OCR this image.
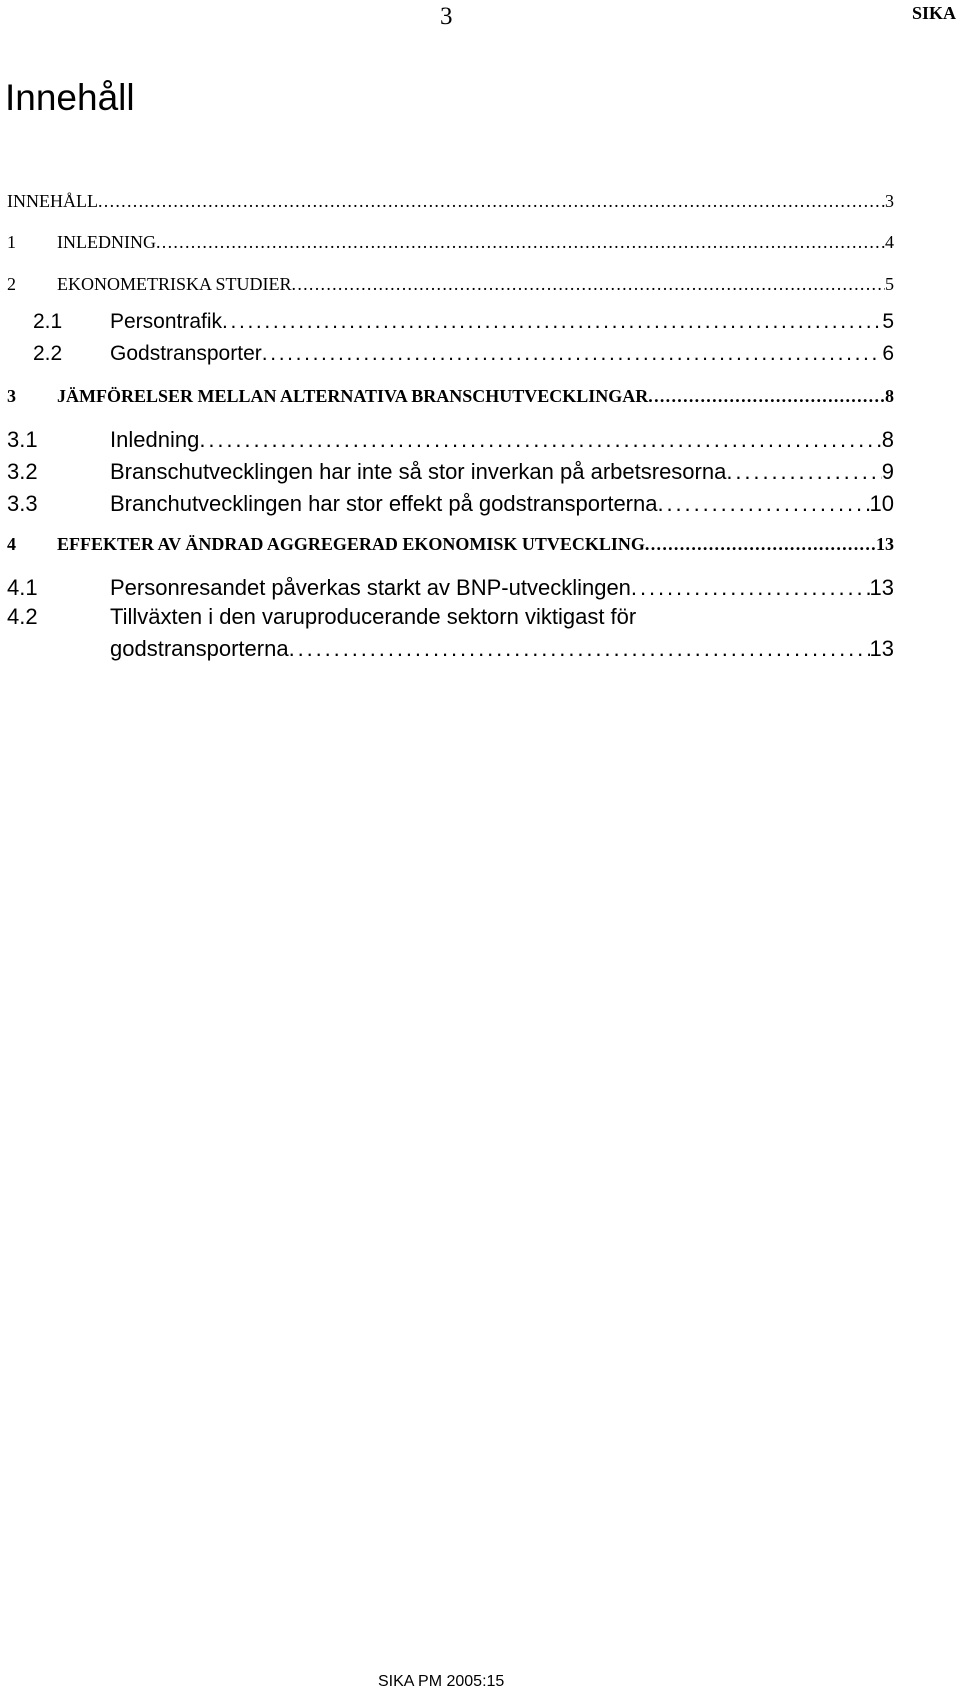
3	SIKA
Innehåll
INNEHÅLL . . .	3
1	INLEDNING . . .	4
2	EKONOMETRISKA STUDIER . . .	5
2.1	Persontrafik . . .	5
2.2	Godstransporter . . .	6
3	JÄMFÖRELSER MELLAN ALTERNATIVA BRANSCHUTVECKLINGAR . . .	8
3.1	Inledning . . .	8
3.2	Branschutvecklingen har inte så stor inverkan på arbetsresorna . . .	9
3.3	Branchutvecklingen har stor effekt på godstransporterna . . .	10
4	EFFEKTER AV ÄNDRAD AGGREGERAD EKONOMISK UTVECKLING . . .	13
4.1	Personresandet påverkas starkt av BNP-utvecklingen . . .	13
4.2	Tillväxten i den varuproducerande sektorn viktigast för
godstransporterna . . .	13
SIKA PM 2005:15
